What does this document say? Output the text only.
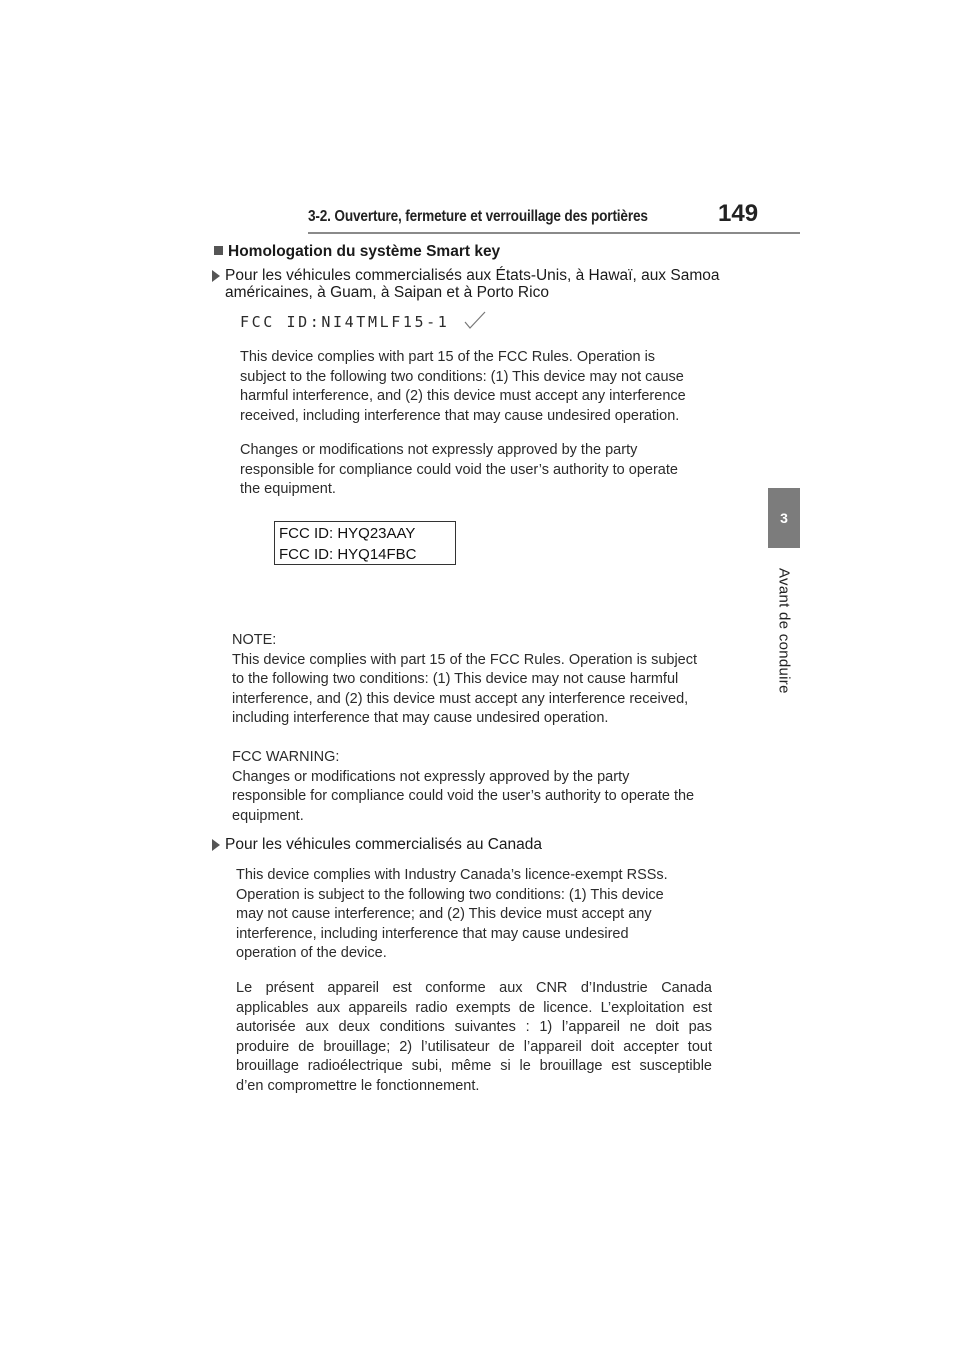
3-2. Ouverture, fermeture et verrouillage des portières	149
3
Avant de conduire
Homologation du système Smart key
Pour les véhicules commercialisés aux États-Unis, à Hawaï, aux Samoa
américaines, à Guam, à Saipan et à Porto Rico
FCC ID:NI4TMLF15-1
This device complies with part 15 of the FCC Rules. Operation is
subject to the following two conditions: (1) This device may not cause
harmful interference, and (2) this device must accept any interference
received, including interference that may cause undesired operation.
Changes or modifications not expressly approved by the party
responsible for compliance could void the user’s authority to operate
the equipment.
FCC ID: HYQ23AAY
FCC ID: HYQ14FBC
NOTE:
This device complies with part 15 of the FCC Rules. Operation is subject
to the following two conditions: (1) This device may not cause harmful
interference, and (2) this device must accept any interference received,
including interference that may cause undesired operation.
FCC WARNING:
Changes or modifications not expressly approved by the party
responsible for compliance could void the user’s authority to operate the
equipment.
Pour les véhicules commercialisés au Canada
This device complies with Industry Canada’s licence-exempt RSSs.
Operation is subject to the following two conditions: (1) This device
may not cause interference; and (2) This device must accept any
interference, including interference that may cause undesired
operation of the device.
Le présent appareil est conforme aux CNR d’Industrie Canada
applicables aux appareils radio exempts de licence. L’exploitation est
autorisée aux deux conditions suivantes : 1) l’appareil ne doit pas
produire de brouillage; 2) l’utilisateur de l’appareil doit accepter tout
brouillage radioélectrique subi, même si le brouillage est susceptible
d’en compromettre le fonctionnement.
